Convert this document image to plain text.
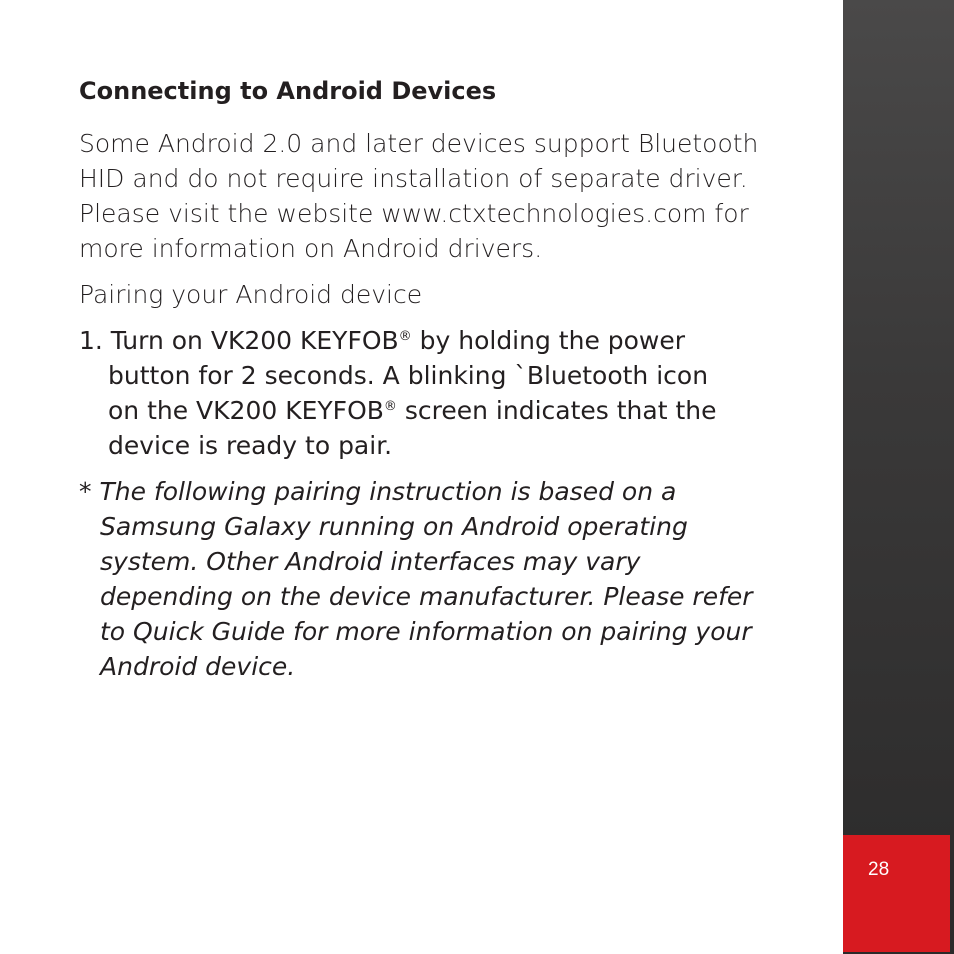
Connecting to Android Devices
Some Android 2.0 and later devices support Bluetooth
HID and do not require installation of separate driver.
Please visit the website www.ctxtechnologies.com for
more information on Android drivers.
Pairing your Android device
1. Turn on VK200 KEYFOB® by holding the power
button for 2 seconds. A blinking `Bluetooth icon
on the VK200 KEYFOB® screen indicates that the
device is ready to pair.
* The following pairing instruction is based on a
Samsung Galaxy running on Android operating
system. Other Android interfaces may vary
depending on the device manufacturer. Please refer
to Quick Guide for more information on pairing your
Android device.
28
